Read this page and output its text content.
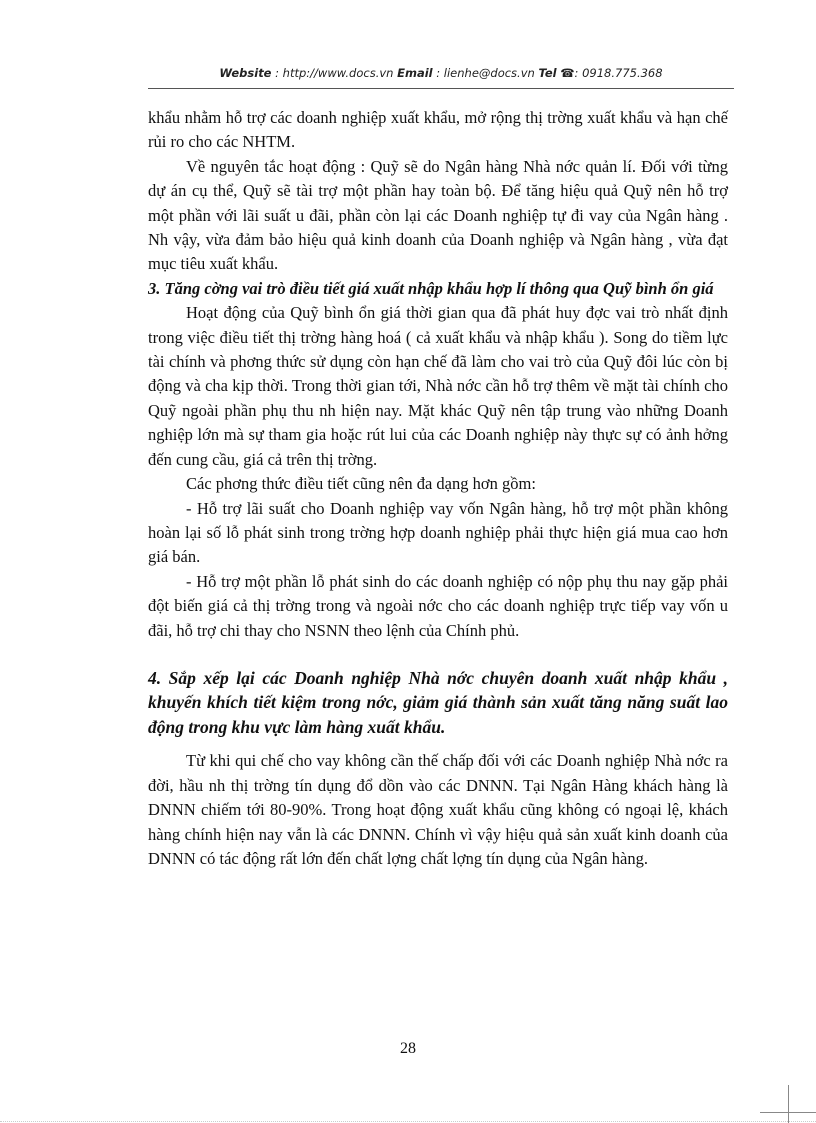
Website : http://www.docs.vn Email : lienhe@docs.vn Tel ☎: 0918.775.368

khẩu nhằm hỗ trợ các doanh nghiệp xuất khẩu, mở rộng thị trờng xuất khẩu và hạn chế rủi ro cho các NHTM.

Về nguyên tắc hoạt động : Quỹ sẽ do Ngân hàng Nhà nớc quản lí. Đối với từng dự án cụ thể, Quỹ sẽ tài trợ một phần hay toàn bộ. Để tăng hiệu quả Quỹ nên hỗ trợ một phần với lãi suất u đãi, phần còn lại các Doanh nghiệp tự đi vay của Ngân hàng . Nh vậy, vừa đảm bảo hiệu quả kinh doanh của Doanh nghiệp và Ngân hàng , vừa đạt mục tiêu xuất khẩu.

3. Tăng cờng vai trò điều tiết giá xuất nhập khẩu hợp lí thông qua Quỹ bình ổn giá

Hoạt động của Quỹ bình ổn giá thời gian qua đã phát huy đợc vai trò nhất định trong việc điều tiết thị trờng hàng hoá ( cả xuất khẩu và nhập khẩu ). Song do tiềm lực tài chính và phơng thức sử dụng còn hạn chế đã làm cho vai trò của Quỹ đôi lúc còn bị động và cha kịp thời. Trong thời gian tới, Nhà nớc cần hỗ trợ thêm về mặt tài chính cho Quỹ ngoài phần phụ thu nh hiện nay. Mặt khác Quỹ nên tập trung vào những Doanh nghiệp lớn mà sự tham gia hoặc rút lui của các Doanh nghiệp này thực sự có ảnh hởng đến cung cầu, giá cả trên thị trờng.

Các phơng thức điều tiết cũng nên đa dạng hơn gồm:

- Hỗ trợ lãi suất cho Doanh nghiệp vay vốn Ngân hàng, hỗ trợ một phần không hoàn lại số lỗ phát sinh trong trờng hợp doanh nghiệp phải thực hiện giá mua cao hơn giá bán.

- Hỗ trợ một phần lỗ phát sinh do các doanh nghiệp có nộp phụ thu nay gặp phải đột biến giá cả thị trờng trong và ngoài nớc cho các doanh nghiệp trực tiếp vay vốn u đãi, hỗ trợ chi thay cho NSNN theo lệnh của Chính phủ.

4. Sắp xếp lại các Doanh nghiệp Nhà nớc chuyên doanh xuất nhập khẩu , khuyến khích tiết kiệm trong nớc, giảm giá thành sản xuất tăng năng suất lao động trong khu vực làm hàng xuất khẩu.

Từ khi qui chế cho vay không cần thế chấp đối với các Doanh nghiệp Nhà nớc ra đời, hầu nh thị trờng tín dụng đổ dồn vào các DNNN. Tại Ngân Hàng khách hàng là DNNN chiếm tới 80-90%. Trong hoạt động xuất khẩu cũng không có ngoại lệ, khách hàng chính hiện nay vẫn là các DNNN. Chính vì vậy hiệu quả sản xuất kinh doanh của DNNN có tác động rất lớn đến chất lợng chất lợng tín dụng của Ngân hàng.

28
